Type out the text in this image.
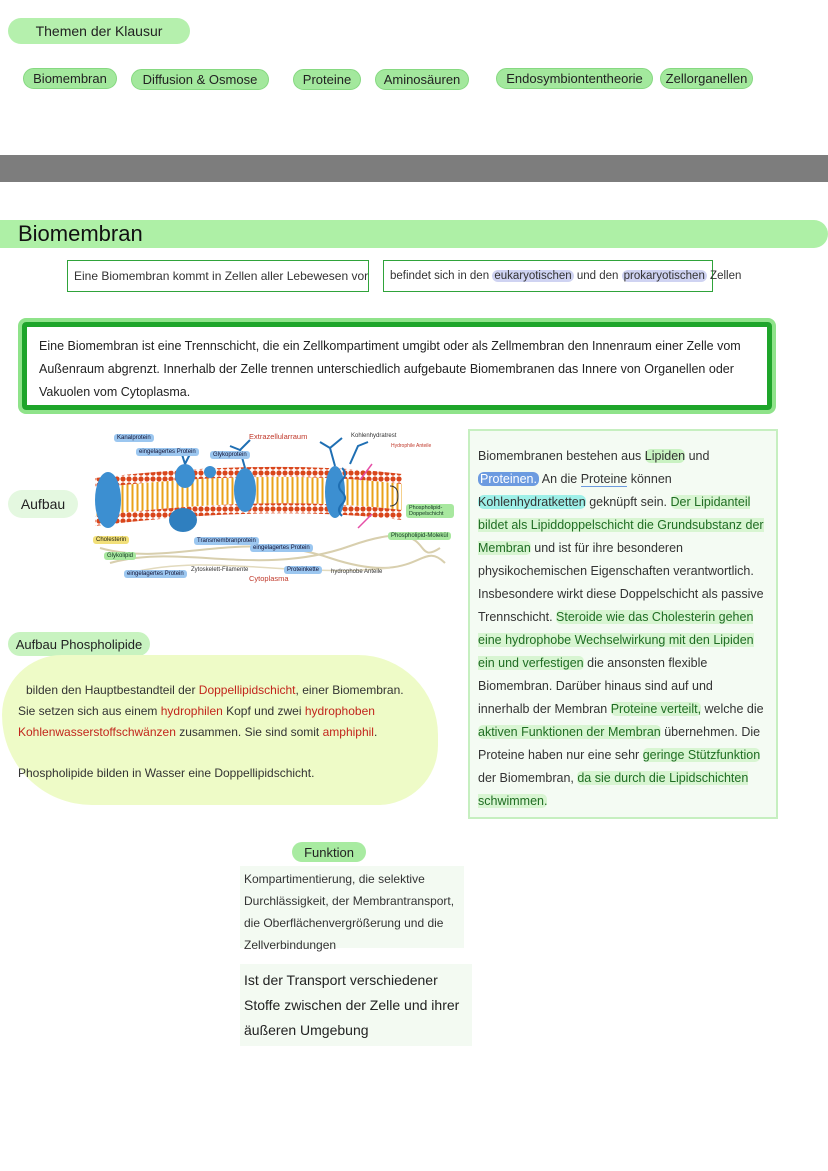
Themen der Klausur
Biomembran	Diffusion & Osmose	Proteine Aminosäuren	Endosymbiontentheorie Zellorganellen
Biomembran
Eine Biomembran kommt in Zellen aller Lebewesen vor befindet sich in den
eukaryotischen
und den
prokaryotischen
Zellen
Eine Biomembran ist eine Trennschicht, die ein Zellkompartiment umgibt oder als Zellmembran den Innenraum einer Zelle vom Außenraum abgrenzt. Innerhalb der Zelle trennen unterschiedlich aufgebaute Biomembranen das Innere von Organellen oder Vakuolen vom Cytoplasma.
Extrazellularraum	Kohlenhydratrest
Hydrophile Anteile
Kanalprotein
eingelagertes Protein	Glykoprotein
Phospholipid-Doppelschicht
Phospholipid-Molekül
Cholesterin
Glykolipid
Transmembranprotein
eingelagertes Protein
eingelagertes Protein
Zytoskelett-Filamente
Cytoplasma
Proteinkette	hydrophobe Anteile
Aufbau
Biomembranen bestehen aus Lipiden und Proteinen. An die Proteine können Kohlenhydratketten geknüpft sein. Der Lipidanteil bildet als Lipiddoppelschicht die Grundsubstanz der Membran und ist für ihre besonderen physikochemischen Eigenschaften verantwortlich. Insbesondere wirkt diese Doppelschicht als passive Trennschicht. Steroide wie das Cholesterin gehen eine hydrophobe Wechselwirkung mit den Lipiden ein und verfestigen die ansonsten flexible Biomembran. Darüber hinaus sind auf und innerhalb der Membran Proteine verteilt, welche die aktiven Funktionen der Membran übernehmen. Die Proteine haben nur eine sehr geringe Stützfunktion der Biomembran, da sie durch die Lipidschichten schwimmen.
Aufbau Phospholipide
bilden den Hauptbestandteil der Doppellipidschicht, einer Biomembran. Sie setzen sich aus einem hydrophilen Kopf und zwei hydrophoben Kohlenwasserstoffschwänzen zusammen. Sie sind somit amphiphil.
Phospholipide bilden in Wasser eine Doppellipidschicht.
Funktion
Kompartimentierung, die selektive Durchlässigkeit, der Membrantransport, die Oberflächenvergrößerung und die Zellverbindungen
Ist der Transport verschiedener Stoffe zwischen der Zelle und ihrer äußeren Umgebung
